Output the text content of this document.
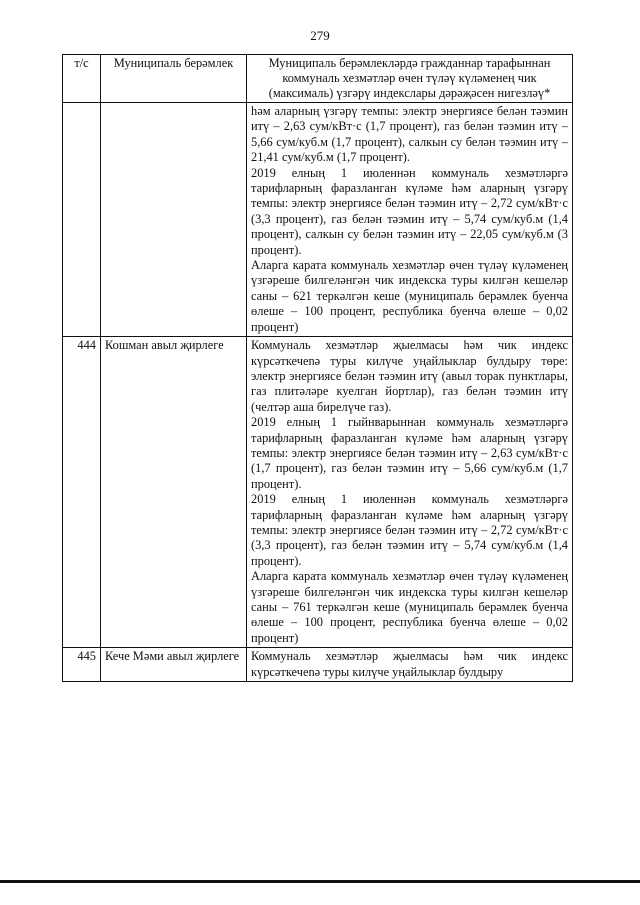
279
т/с	Муниципаль берәмлек	Муниципаль берәмлекләрдә гражданнар тарафыннан коммуналь хезмәтләр өчен түләү күләменең чик (максималь) үзгәрү индекслары дәрәҗәсен нигезләү*

		һәм аларның үзгәрү темпы: электр энергиясе белән тәэмин итү – 2,63 сум/кВт·с (1,7 процент), газ белән тәэмин итү – 5,66 сум/куб.м (1,7 процент), салкын су белән тәэмин итү – 21,41 сум/куб.м (1,7 процент).

2019 елның 1 июленнән коммуналь хезмәтләргә тарифларның фаразланган күләме һәм аларның үзгәрү темпы: электр энергиясе белән тәэмин итү – 2,72 сум/кВт·с (3,3 процент), газ белән тәэмин итү – 5,74 сум/куб.м (1,4 процент), салкын су белән тәэмин итү – 22,05 сум/куб.м (3 процент).

Аларга карата коммуналь хезмәтләр өчен түләү күләменең үзгәреше билгеләнгән чик индекска туры килгән кешеләр саны – 621 теркәлгән кеше (муниципаль берәмлек буенча өлеше – 100 процент, республика буенча өлеше – 0,02 процент)

444	Кошман авыл җирлеге	Коммуналь хезмәтләр җыелмасы һәм чик индекс күрсәткечenә туры килүче уңайлыклар булдыру төре: электр энергиясе белән тәэмин итү (авыл торак пунктлары, газ плитәләре куелган йортлар), газ белән тәэмин итү (челтәр аша бирелүче газ).

2019 елның 1 гыйнварыннан коммуналь хезмәтләргә тарифларның фаразланган күләме һәм аларның үзгәрү темпы: электр энергиясе белән тәэмин итү – 2,63 сум/кВт·с (1,7 процент), газ белән тәэмин итү – 5,66 сум/куб.м (1,7 процент).

2019 елның 1 июленнән коммуналь хезмәтләргә тарифларның фаразланган күләме һәм аларның үзгәрү темпы: электр энергиясе белән тәэмин итү – 2,72 сум/кВт·с (3,3 процент), газ белән тәэмин итү – 5,74 сум/куб.м (1,4 процент).

Аларга карата коммуналь хезмәтләр өчен түләү күләменең үзгәреше билгеләнгән чик индекска туры килгән кешеләр саны – 761 теркәлгән кеше (муниципаль берәмлек буенча өлеше – 100 процент, республика буенча өлеше – 0,02 процент)

445	Кече Мәми авыл җирлеге	Коммуналь хезмәтләр җыелмасы һәм чик индекс күрсәткечenә туры килүче уңайлыклар булдыру
